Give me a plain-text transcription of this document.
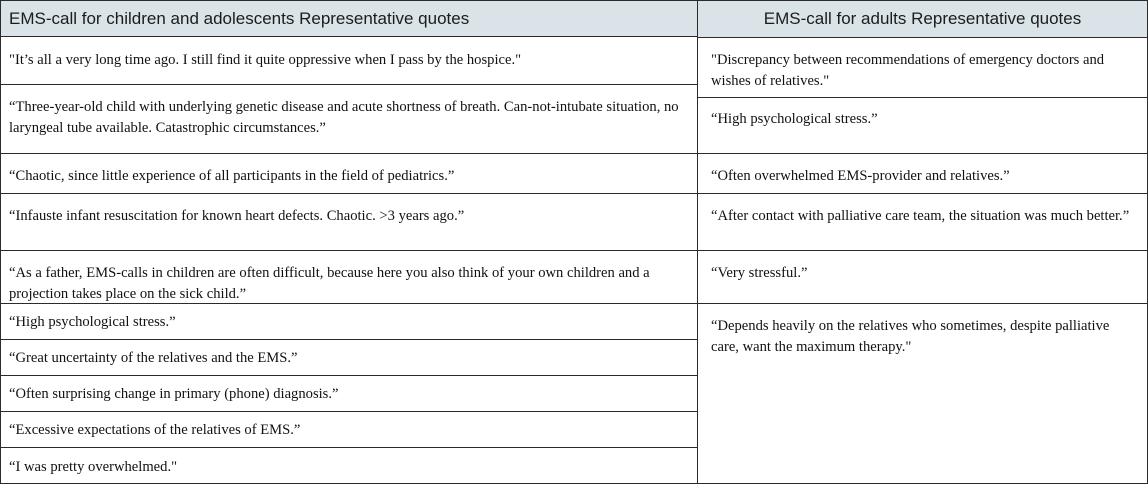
EMS-call for children and adolescents Representative quotes	EMS-call for adults Representative quotes
"It’s all a very long time ago. I still find it quite oppressive when I pass by the hospice."
“Three-year-old child with underlying genetic disease and acute shortness of breath. Can-not-intubate situation, no laryngeal tube available. Catastrophic circumstances.”
“Chaotic, since little experience of all participants in the field of pediatrics.”
“Infauste infant resuscitation for known heart defects. Chaotic. >3 years ago.”
“As a father, EMS-calls in children are often difficult, because here you also think of your own children and a projection takes place on the sick child.”
“High psychological stress.”
“Great uncertainty of the relatives and the EMS.”
“Often surprising change in primary (phone) diagnosis.”
“Excessive expectations of the relatives of EMS.”
“I was pretty overwhelmed."
"Discrepancy between recommendations of emergency doctors and wishes of relatives."
“High psychological stress.”
“Often overwhelmed EMS-provider and relatives.”
“After contact with palliative care team, the situation was much better.”
“Very stressful.”
“Depends heavily on the relatives who sometimes, despite palliative care, want the maximum therapy."
